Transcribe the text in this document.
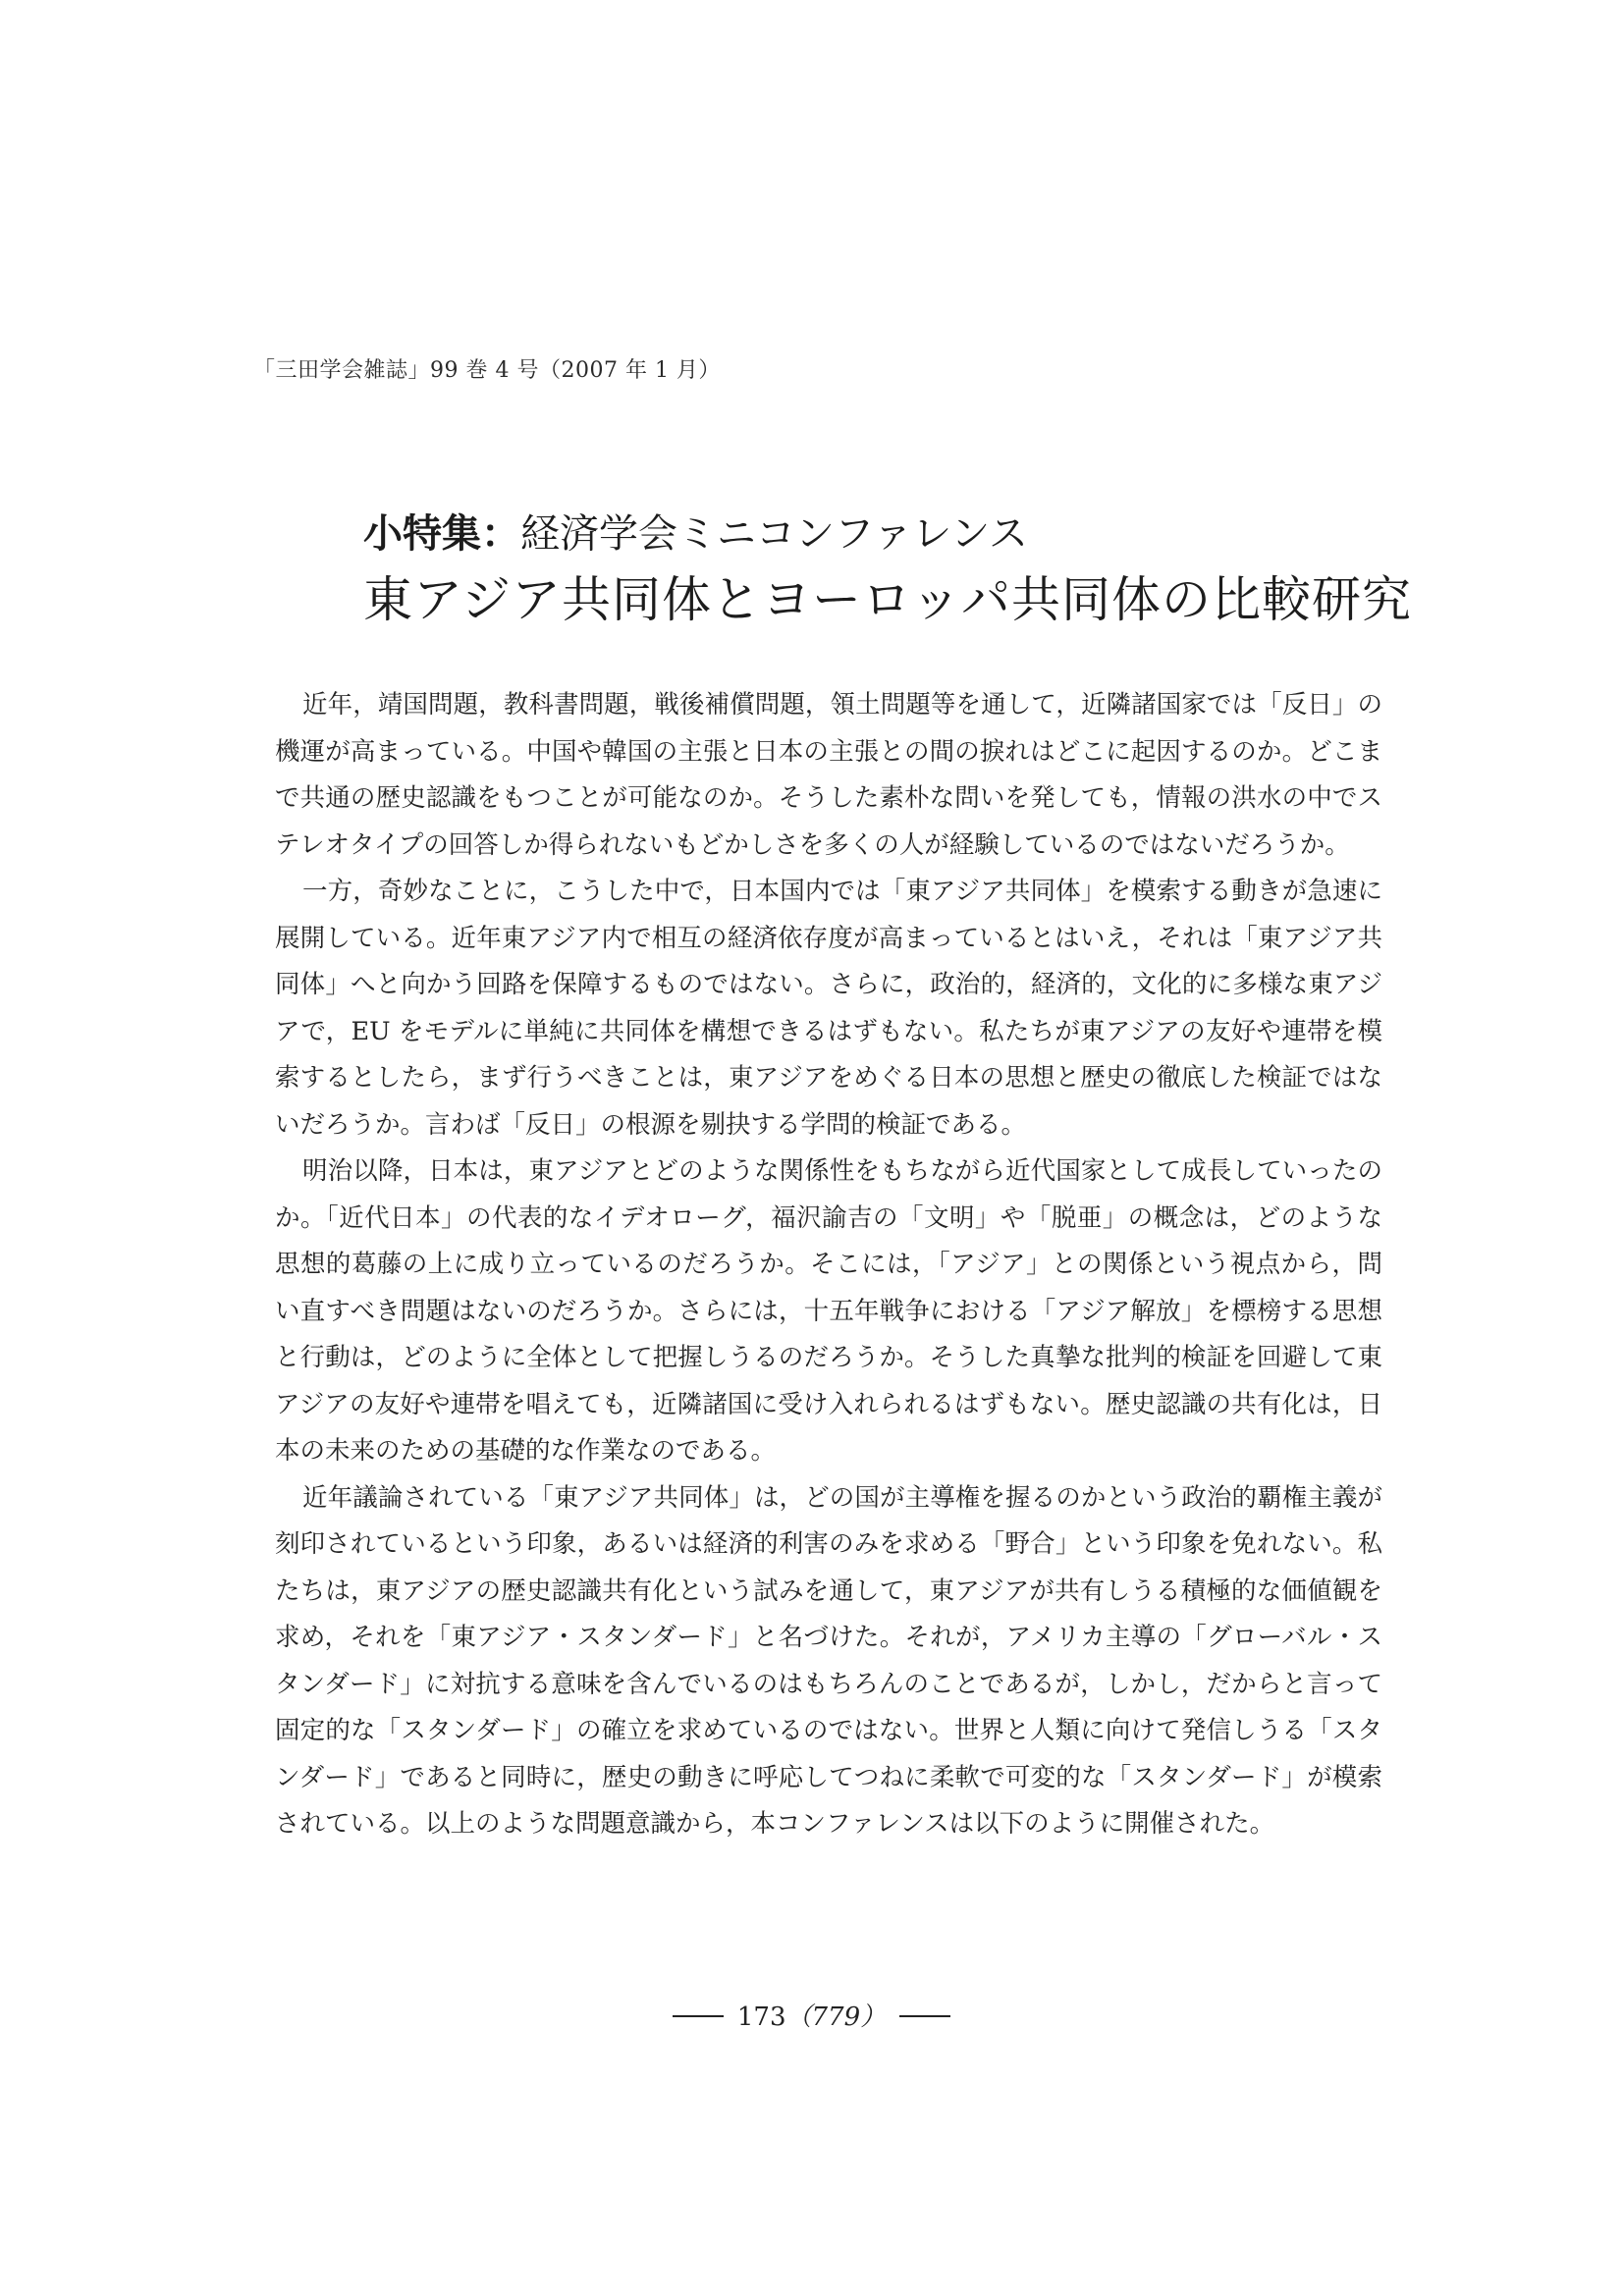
「三田学会雑誌」99 巻 4 号（2007 年 1 月）
小特集：経済学会ミニコンファレンス
東アジア共同体とヨーロッパ共同体の比較研究

近年，靖国問題，教科書問題，戦後補償問題，領土問題等を通して，近隣諸国家では「反日」の機運が高まっている。中国や韓国の主張と日本の主張との間の捩れはどこに起因するのか。どこまで共通の歴史認識をもつことが可能なのか。そうした素朴な問いを発しても，情報の洪水の中でステレオタイプの回答しか得られないもどかしさを多くの人が経験しているのではないだろうか。

一方，奇妙なことに，こうした中で，日本国内では「東アジア共同体」を模索する動きが急速に展開している。近年東アジア内で相互の経済依存度が高まっているとはいえ，それは「東アジア共同体」へと向かう回路を保障するものではない。さらに，政治的，経済的，文化的に多様な東アジアで，EU をモデルに単純に共同体を構想できるはずもない。私たちが東アジアの友好や連帯を模索するとしたら，まず行うべきことは，東アジアをめぐる日本の思想と歴史の徹底した検証ではないだろうか。言わば「反日」の根源を剔抉する学問的検証である。

明治以降，日本は，東アジアとどのような関係性をもちながら近代国家として成長していったのか。「近代日本」の代表的なイデオローグ，福沢諭吉の「文明」や「脱亜」の概念は，どのような思想的葛藤の上に成り立っているのだろうか。そこには，「アジア」との関係という視点から，問い直すべき問題はないのだろうか。さらには，十五年戦争における「アジア解放」を標榜する思想と行動は，どのように全体として把握しうるのだろうか。そうした真摯な批判的検証を回避して東アジアの友好や連帯を唱えても，近隣諸国に受け入れられるはずもない。歴史認識の共有化は，日本の未来のための基礎的な作業なのである。

近年議論されている「東アジア共同体」は，どの国が主導権を握るのかという政治的覇権主義が刻印されているという印象，あるいは経済的利害のみを求める「野合」という印象を免れない。私たちは，東アジアの歴史認識共有化という試みを通して，東アジアが共有しうる積極的な価値観を求め，それを「東アジア・スタンダード」と名づけた。それが，アメリカ主導の「グローバル・スタンダード」に対抗する意味を含んでいるのはもちろんのことであるが，しかし，だからと言って固定的な「スタンダード」の確立を求めているのではない。世界と人類に向けて発信しうる「スタンダード」であると同時に，歴史の動きに呼応してつねに柔軟で可変的な「スタンダード」が模索されている。以上のような問題意識から，本コンファレンスは以下のように開催された。

173（779）
